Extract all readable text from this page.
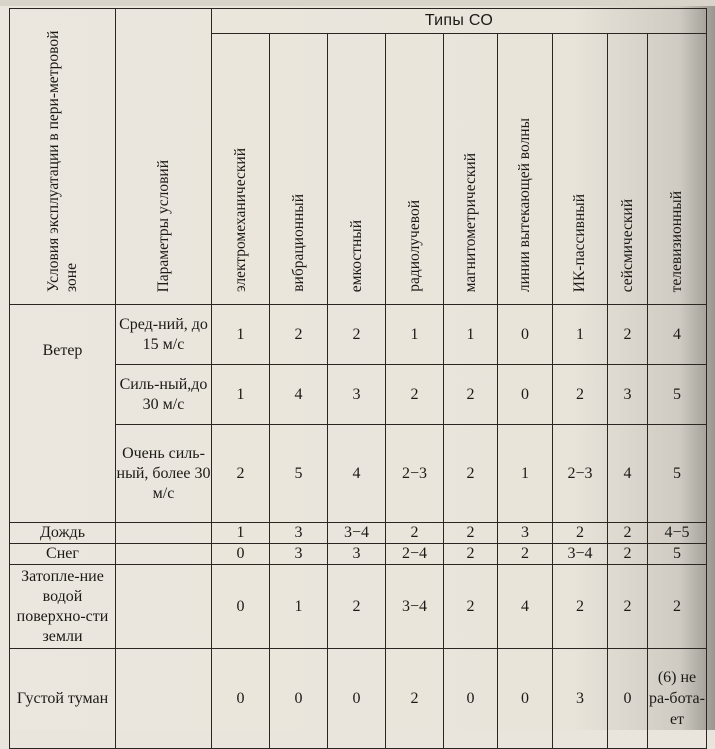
Условия эксплуатации в пери-метровой зоне	Параметры условий	Типы СО								
		электромеханический	вибрационный	емкостный	радиолучевой	магнитометрический	линии вытекающей волны	ИК-пассивный	сейсмический	телевизионный
Ветер	Сред-ний, до 15 м/с	1	2	2	1	1	0	1	2	4
	Силь-ный,до 30 м/с	1	4	3	2	2	0	2	3	5
	Очень силь-ный, более 30 м/с	2	5	4	2−3	2	1	2−3	4	5
Дождь		1	3	3−4	2	2	3	2	2	4−5
Снег		0	3	3	2−4	2	2	3−4	2	5
Затопле-ние водой поверхно-сти земли		0	1	2	3−4	2	4	2	2	2
Густой туман		0	0	0	2	0	0	3	0	(6) не ра-бота-ет
